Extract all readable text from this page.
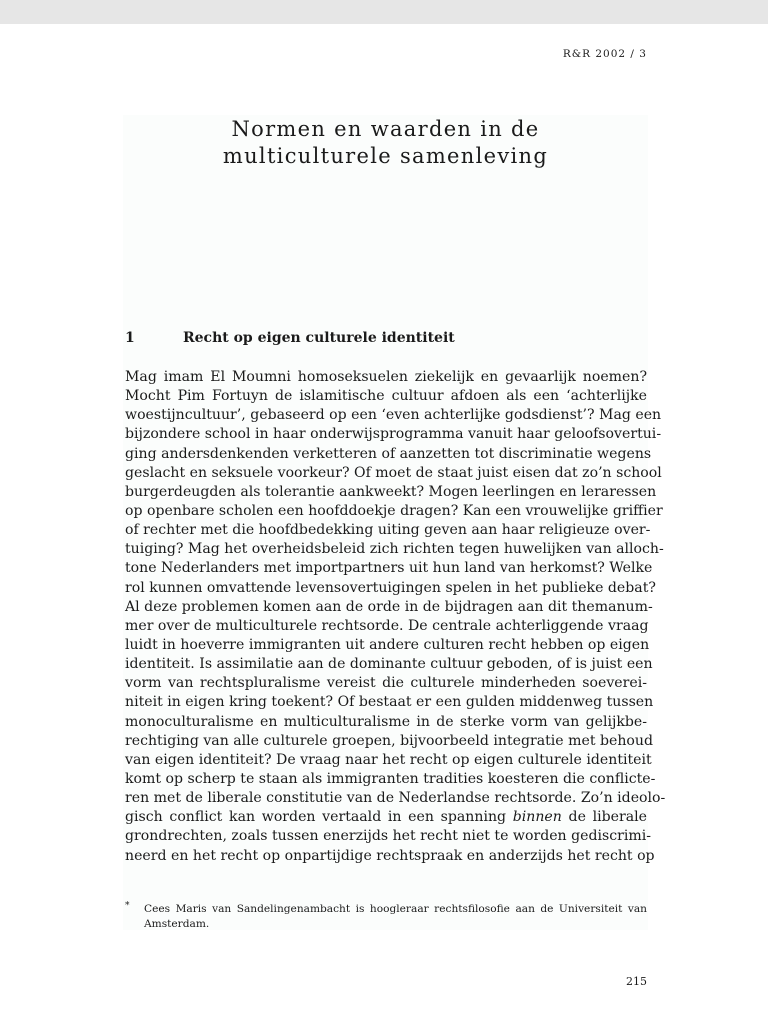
R&R 2002 / 3
Normen en waarden in de
multiculturele samenleving
1	Recht op eigen culturele identiteit
Mag imam El Moumni homoseksuelen ziekelijk en gevaarlijk noemen?
Mocht Pim Fortuyn de islamitische cultuur afdoen als een ‘achterlijke
woestijncultuur’, gebaseerd op een ‘even achterlijke godsdienst’? Mag een
bijzondere school in haar onderwijsprogramma vanuit haar geloofsovertui-
ging andersdenkenden verketteren of aanzetten tot discriminatie wegens
geslacht en seksuele voorkeur? Of moet de staat juist eisen dat zo’n school
burgerdeugden als tolerantie aankweekt? Mogen leerlingen en leraressen
op openbare scholen een hoofddoekje dragen? Kan een vrouwelijke griffier
of rechter met die hoofdbedekking uiting geven aan haar religieuze over-
tuiging? Mag het overheidsbeleid zich richten tegen huwelijken van alloch-
tone Nederlanders met importpartners uit hun land van herkomst? Welke
rol kunnen omvattende levensovertuigingen spelen in het publieke debat?
Al deze problemen komen aan de orde in de bijdragen aan dit themanum-
mer over de multiculturele rechtsorde. De centrale achterliggende vraag
luidt in hoeverre immigranten uit andere culturen recht hebben op eigen
identiteit. Is assimilatie aan de dominante cultuur geboden, of is juist een
vorm van rechtspluralisme vereist die culturele minderheden soeverei-
niteit in eigen kring toekent? Of bestaat er een gulden middenweg tussen
monoculturalisme en multiculturalisme in de sterke vorm van gelijkbe-
rechtiging van alle culturele groepen, bijvoorbeeld integratie met behoud
van eigen identiteit? De vraag naar het recht op eigen culturele identiteit
komt op scherp te staan als immigranten tradities koesteren die conflicte-
ren met de liberale constitutie van de Nederlandse rechtsorde. Zo’n ideolo-
gisch conflict kan worden vertaald in een spanning binnen de liberale
grondrechten, zoals tussen enerzijds het recht niet te worden gediscrimi-
neerd en het recht op onpartijdige rechtspraak en anderzijds het recht op
* Cees Maris van Sandelingenambacht is hoogleraar rechtsfilosofie aan de Universiteit van
Amsterdam.
215
